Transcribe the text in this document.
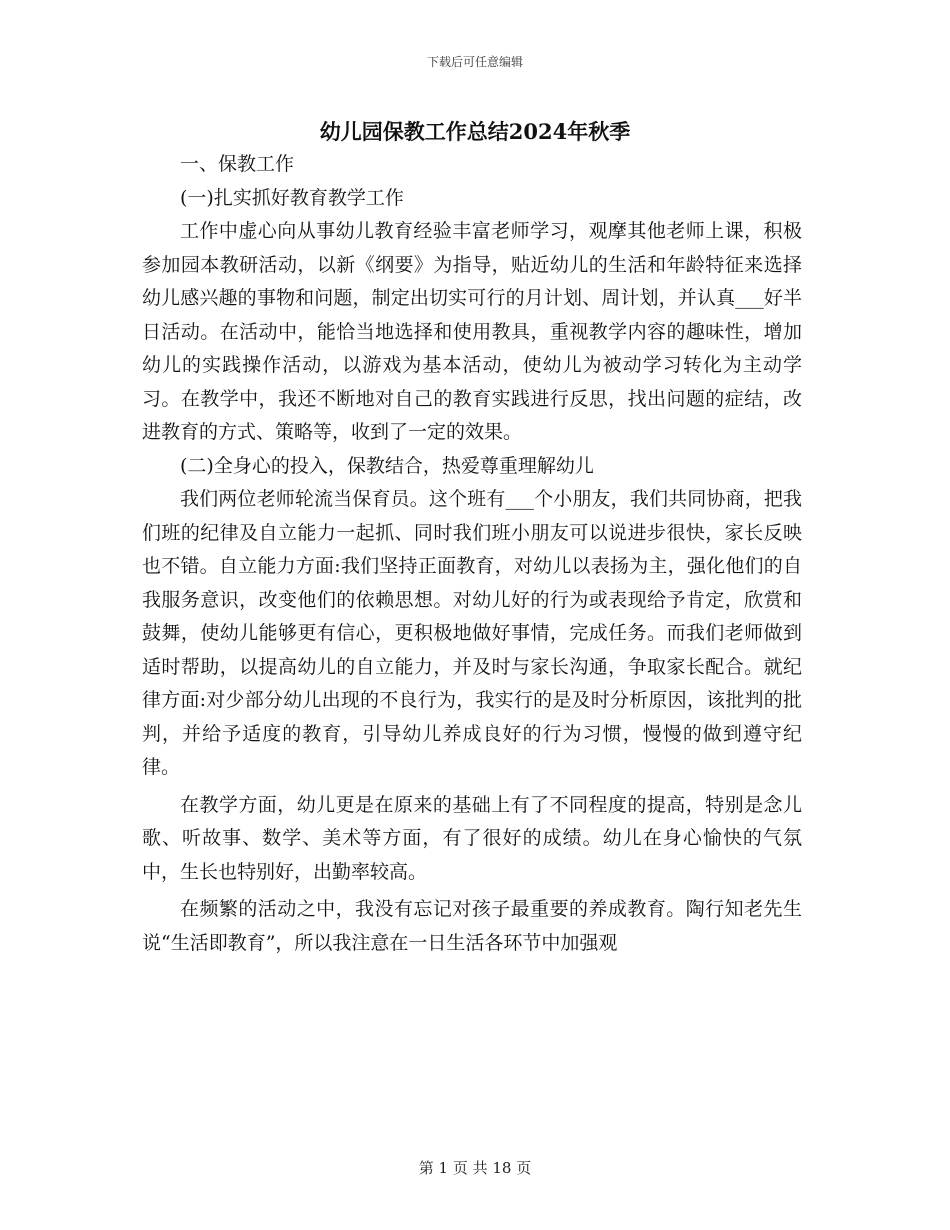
下载后可任意编辑
幼儿园保教工作总结2024年秋季

一、保教工作

(一)扎实抓好教育教学工作

工作中虚心向从事幼儿教育经验丰富老师学习，观摩其他老师上课，积极参加园本教研活动，以新《纲要》为指导，贴近幼儿的生活和年龄特征来选择幼儿感兴趣的事物和问题，制定出切实可行的月计划、周计划，并认真___好半日活动。在活动中，能恰当地选择和使用教具，重视教学内容的趣味性，增加幼儿的实践操作活动，以游戏为基本活动，使幼儿为被动学习转化为主动学习。在教学中，我还不断地对自己的教育实践进行反思，找出问题的症结，改进教育的方式、策略等，收到了一定的效果。

(二)全身心的投入，保教结合，热爱尊重理解幼儿

我们两位老师轮流当保育员。这个班有___个小朋友，我们共同协商，把我们班的纪律及自立能力一起抓、同时我们班小朋友可以说进步很快，家长反映也不错。自立能力方面:我们坚持正面教育，对幼儿以表扬为主，强化他们的自我服务意识，改变他们的依赖思想。对幼儿好的行为或表现给予肯定，欣赏和鼓舞，使幼儿能够更有信心，更积极地做好事情，完成任务。而我们老师做到适时帮助，以提高幼儿的自立能力，并及时与家长沟通，争取家长配合。就纪律方面:对少部分幼儿出现的不良行为，我实行的是及时分析原因，该批判的批判，并给予适度的教育，引导幼儿养成良好的行为习惯，慢慢的做到遵守纪律。

在教学方面，幼儿更是在原来的基础上有了不同程度的提高，特别是念儿歌、听故事、数学、美术等方面，有了很好的成绩。幼儿在身心愉快的气氛中，生长也特别好，出勤率较高。

在频繁的活动之中，我没有忘记对孩子最重要的养成教育。陶行知老先生说“生活即教育”，所以我注意在一日生活各环节中加强观

第 1 页 共 18 页
